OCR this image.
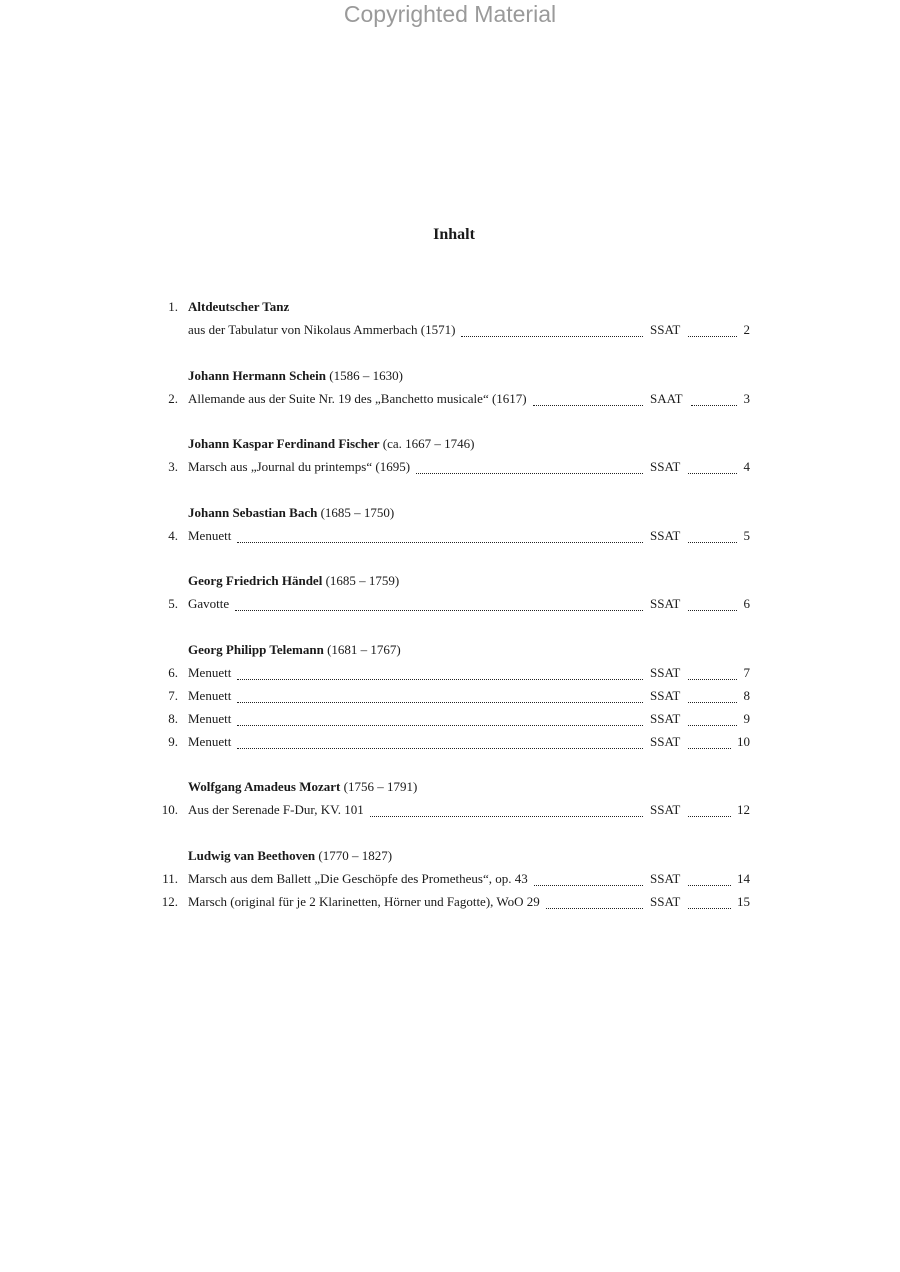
Copyrighted Material
Inhalt
1. Altdeutscher Tanz
aus der Tabulatur von Nikolaus Ammerbach (1571)	SSAT	2
Johann Hermann Schein (1586 – 1630)
2. Allemande aus der Suite Nr. 19 des „Banchetto musicale“ (1617)	SAAT	3
Johann Kaspar Ferdinand Fischer (ca. 1667 – 1746)
3. Marsch aus „Journal du printemps“ (1695)	SSAT	4
Johann Sebastian Bach (1685 – 1750)
4. Menuett	SSAT	5
Georg Friedrich Händel (1685 – 1759)
5. Gavotte	SSAT	6
Georg Philipp Telemann (1681 – 1767)
6. Menuett	SSAT	7
7. Menuett	SSAT	8
8. Menuett	SSAT	9
9. Menuett	SSAT	10
Wolfgang Amadeus Mozart (1756 – 1791)
10. Aus der Serenade F-Dur, KV. 101	SSAT	12
Ludwig van Beethoven (1770 – 1827)
11. Marsch aus dem Ballett „Die Geschöpfe des Prometheus“, op. 43	SSAT	14
12. Marsch (original für je 2 Klarinetten, Hörner und Fagotte), WoO 29	SSAT	15
